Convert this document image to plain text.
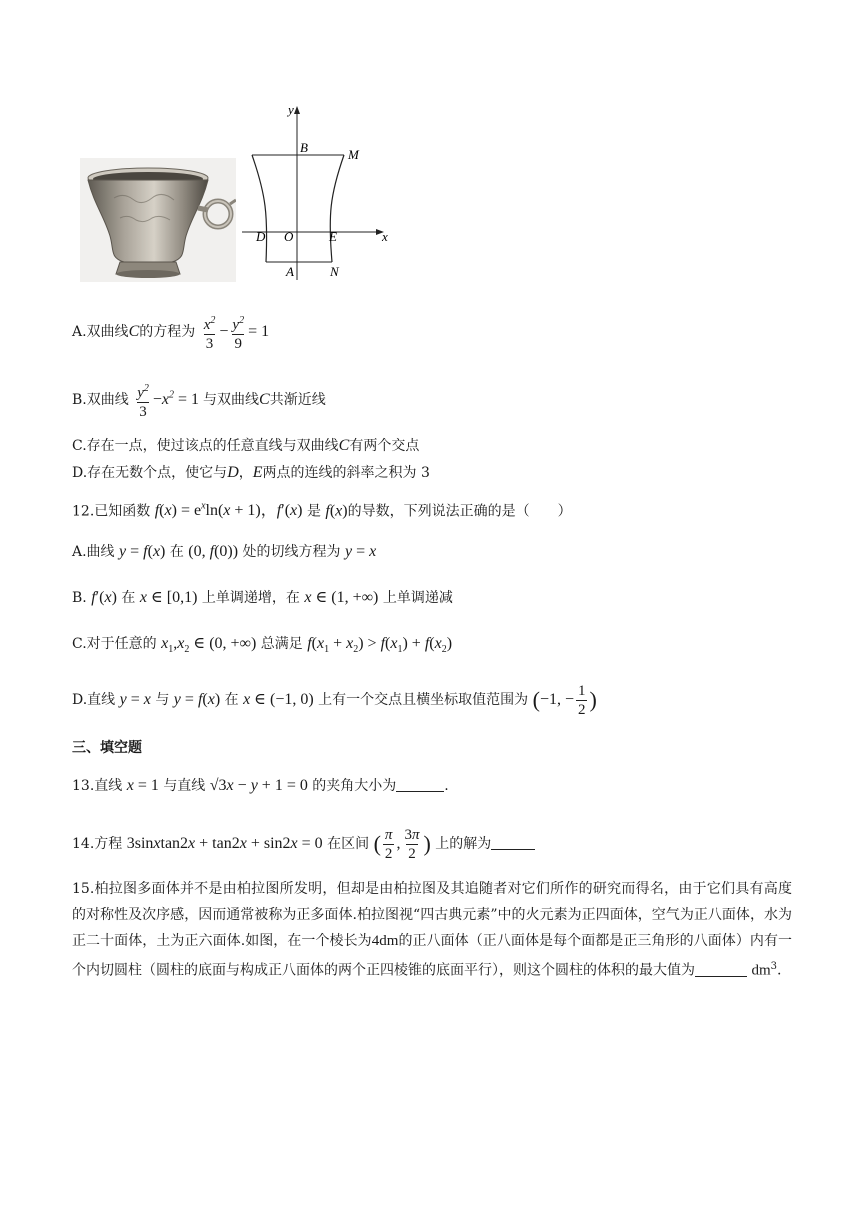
y
x
B	M
D O	E
A	N
A.双曲线C的方程为 $\frac{x^2}{3} - \frac{y^2}{9} = 1$
B.双曲线 $\frac{y^2}{3} -x^2 = 1$ 与双曲线C共渐近线
C.存在一点，使过该点的任意直线与双曲线C有两个交点
D.存在无数个点，使它与D，E两点的连线的斜率之积为 3
12.已知函数 $f(x) = e^x\ln(x + 1)$，f′(x) 是 f(x)的导数，下列说法正确的是（　　）
A.曲线 y = f(x) 在 (0, f(0)) 处的切线方程为 y = x
B. f′(x) 在 x ∈ [0,1) 上单调递增，在 x ∈ (1, +∞) 上单调递减
C.对于任意的 $x_1,x_2$ ∈ (0, +∞) 总满足 $f(x_1 + x_2) > f(x_1) + f(x_2)$
D.直线 y = x 与 y = f(x) 在 x ∈ (−1, 0) 上有一个交点且横坐标取值范围为 (−1, − $\frac{1}{2}$ )
三、填空题
13.直线 x = 1 与直线 √3x − y + 1 = 0 的夹角大小为	.
14.方程 3sinxtan2x + tan2x + sin2x = 0 在区间 ( $\frac{\pi}{2}$ , $\frac{3\pi}{2}$ ) 上的解为
15.柏拉图多面体并不是由柏拉图所发明，但却是由柏拉图及其追随者对它们所作的研究而得名，由于它们具有高度的对称性及次序感，因而通常被称为正多面体.柏拉图视“四古典元素”中的火元素为正四面体，空气为正八面体，水为正二十面体，土为正六面体.如图，在一个棱长为4dm的正八面体（正八面体是每个面都是正三角形的八面体）内有一个内切圆柱（圆柱的底面与构成正八面体的两个正四棱锥的底面平行），则这个圆柱的体积的最大值为	$dm^3$.
